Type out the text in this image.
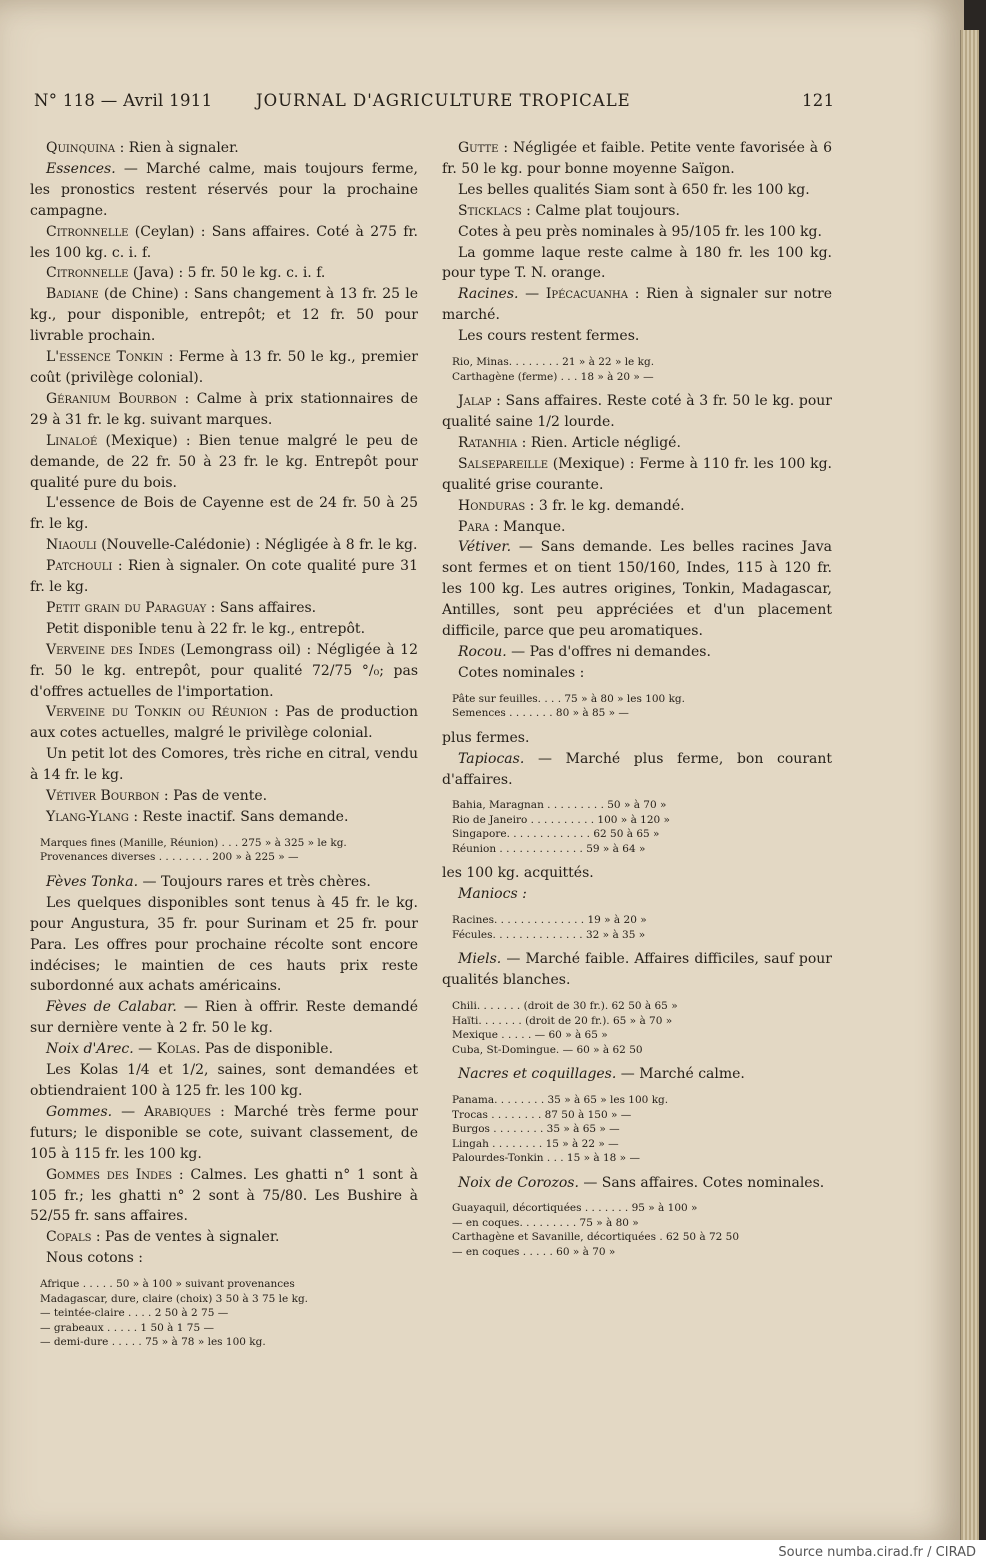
N° 118 — Avril 1911	JOURNAL D'AGRICULTURE TROPICALE	121

Quinquina : Rien à signaler.

Essences. — Marché calme, mais toujours ferme, les pronostics restent réservés pour la prochaine campagne.

Citronnelle (Ceylan) : Sans affaires. Coté à 275 fr. les 100 kg. c. i. f.

Citronnelle (Java) : 5 fr. 50 le kg. c. i. f.

Badiane (de Chine) : Sans changement à 13 fr. 25 le kg., pour disponible, entrepôt; et 12 fr. 50 pour livrable prochain.

L'essence Tonkin : Ferme à 13 fr. 50 le kg., premier coût (privilège colonial).

Géranium Bourbon : Calme à prix stationnaires de 29 à 31 fr. le kg. suivant marques.

Linaloé (Mexique) : Bien tenue malgré le peu de demande, de 22 fr. 50 à 23 fr. le kg. Entrepôt pour qualité pure du bois.

L'essence de Bois de Cayenne est de 24 fr. 50 à 25 fr. le kg.

Niaouli (Nouvelle-Calédonie) : Négligée à 8 fr. le kg.

Patchouli : Rien à signaler. On cote qualité pure 31 fr. le kg.

Petit grain du Paraguay : Sans affaires.

Petit disponible tenu à 22 fr. le kg., entrepôt.

Verveine des Indes (Lemongrass oil) : Négligée à 12 fr. 50 le kg. entrepôt, pour qualité 72/75 °/₀; pas d'offres actuelles de l'importation.

Verveine du Tonkin ou Réunion : Pas de production aux cotes actuelles, malgré le privilège colonial.

Un petit lot des Comores, très riche en citral, vendu à 14 fr. le kg.

Vétiver Bourbon : Pas de vente.

Ylang-Ylang : Reste inactif. Sans demande.

Marques fines (Manille, Réunion) . . . 275 » à 325 » le kg.
Provenances diverses . . . . . . . . 200 » à 225 » —

Fèves Tonka. — Toujours rares et très chères.

Les quelques disponibles sont tenus à 45 fr. le kg. pour Angustura, 35 fr. pour Surinam et 25 fr. pour Para. Les offres pour prochaine récolte sont encore indécises; le maintien de ces hauts prix reste subordonné aux achats américains.

Fèves de Calabar. — Rien à offrir. Reste demandé sur dernière vente à 2 fr. 50 le kg.

Noix d'Arec. — Kolas. Pas de disponible.

Les Kolas 1/4 et 1/2, saines, sont demandées et obtiendraient 100 à 125 fr. les 100 kg.

Gommes. — Arabiques : Marché très ferme pour futurs; le disponible se cote, suivant classement, de 105 à 115 fr. les 100 kg.

Gommes des Indes : Calmes. Les ghatti n° 1 sont à 105 fr.; les ghatti n° 2 sont à 75/80. Les Bushire à 52/55 fr. sans affaires.

Copals : Pas de ventes à signaler.

Nous cotons :

Afrique . . . . . 50 » à 100 » suivant provenances
Madagascar, dure, claire (choix) 3 50 à 3 75 le kg.
— teintée-claire . . . . 2 50 à 2 75 —
— grabeaux . . . . . 1 50 à 1 75 —
— demi-dure . . . . . 75 » à 78 » les 100 kg.

Gutte : Négligée et faible. Petite vente favorisée à 6 fr. 50 le kg. pour bonne moyenne Saïgon.

Les belles qualités Siam sont à 650 fr. les 100 kg.

Sticklacs : Calme plat toujours.

Cotes à peu près nominales à 95/105 fr. les 100 kg.

La gomme laque reste calme à 180 fr. les 100 kg. pour type T. N. orange.

Racines. — Ipécacuanha : Rien à signaler sur notre marché.

Les cours restent fermes.

Rio, Minas. . . . . . . . 21 » à 22 » le kg.
Carthagène (ferme) . . . 18 » à 20 » —

Jalap : Sans affaires. Reste coté à 3 fr. 50 le kg. pour qualité saine 1/2 lourde.

Ratanhia : Rien. Article négligé.

Salsepareille (Mexique) : Ferme à 110 fr. les 100 kg. qualité grise courante.

Honduras : 3 fr. le kg. demandé.

Para : Manque.

Vétiver. — Sans demande. Les belles racines Java sont fermes et on tient 150/160, Indes, 115 à 120 fr. les 100 kg. Les autres origines, Tonkin, Madagascar, Antilles, sont peu appréciées et d'un placement difficile, parce que peu aromatiques.

Rocou. — Pas d'offres ni demandes.

Cotes nominales :

Pâte sur feuilles. . . . 75 » à 80 » les 100 kg.
Semences . . . . . . . 80 » à 85 » —

plus fermes.

Tapiocas. — Marché plus ferme, bon courant d'affaires.

Bahia, Maragnan . . . . . . . . . 50 » à 70 »
Rio de Janeiro . . . . . . . . . . 100 » à 120 »
Singapore. . . . . . . . . . . . . 62 50 à 65 »
Réunion . . . . . . . . . . . . . 59 » à 64 »

les 100 kg. acquittés.

Maniocs :

Racines. . . . . . . . . . . . . . 19 » à 20 »
Fécules. . . . . . . . . . . . . . 32 » à 35 »

Miels. — Marché faible. Affaires difficiles, sauf pour qualités blanches.

Chili. . . . . . . (droit de 30 fr.). 62 50 à 65 »
Haïti. . . . . . . (droit de 20 fr.). 65 » à 70 »
Mexique . . . . . — 60 » à 65 »
Cuba, St-Domingue. — 60 » à 62 50

Nacres et coquillages. — Marché calme.

Panama. . . . . . . . 35 » à 65 » les 100 kg.
Trocas . . . . . . . . 87 50 à 150 » —
Burgos . . . . . . . . 35 » à 65 » —
Lingah . . . . . . . . 15 » à 22 » —
Palourdes-Tonkin . . . 15 » à 18 » —

Noix de Corozos. — Sans affaires. Cotes nominales.

Guayaquil, décortiquées . . . . . . . 95 » à 100 »
— en coques. . . . . . . . . 75 » à 80 »
Carthagène et Savanille, décortiquées . 62 50 à 72 50
— en coques . . . . . 60 » à 70 »
Source numba.cirad.fr / CIRAD
